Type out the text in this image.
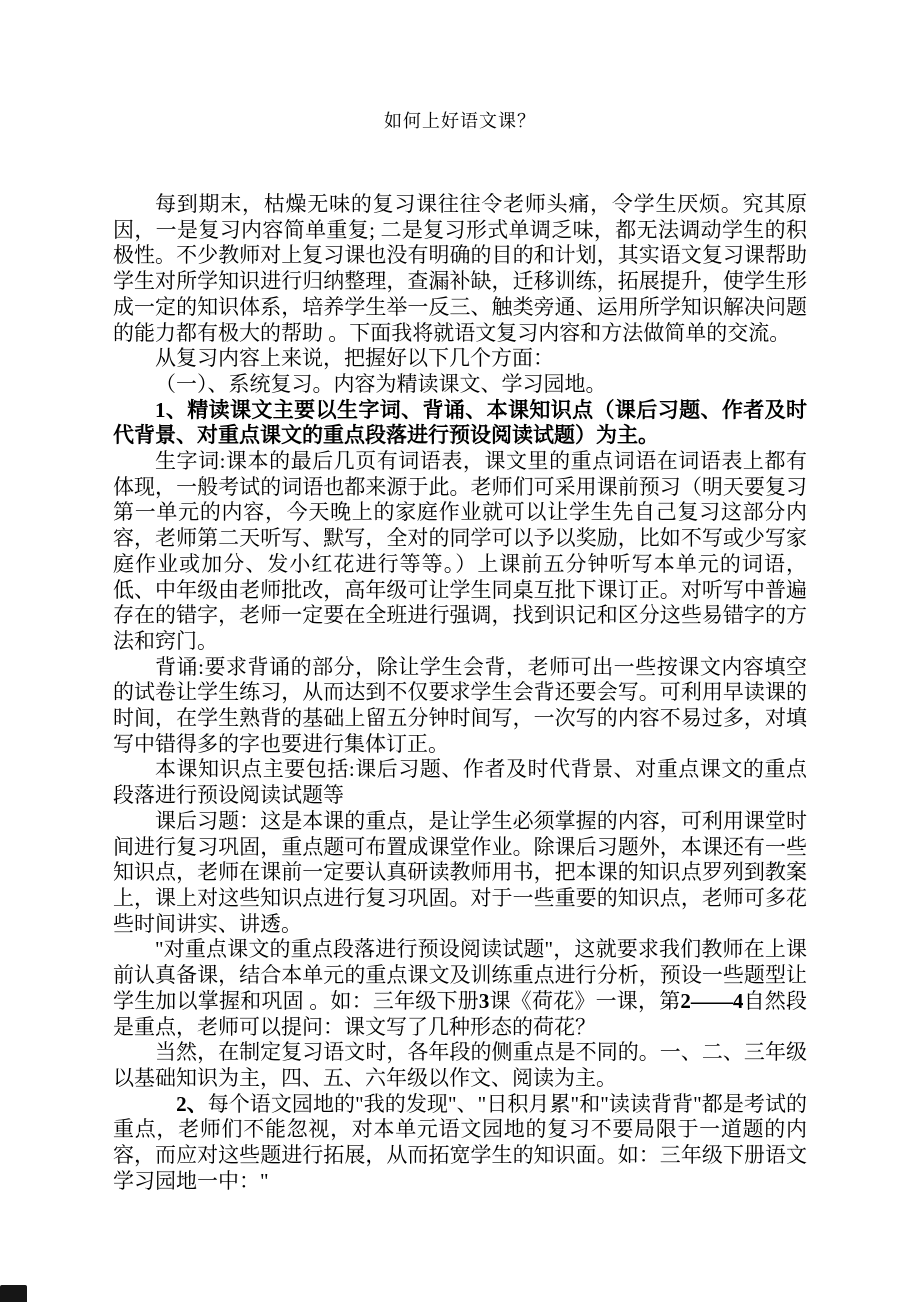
如何上好语文课？

每到期末，枯燥无味的复习课往往令老师头痛，令学生厌烦。究其原因，一是复习内容简单重复; 二是复习形式单调乏味，都无法调动学生的积极性。不少教师对上复习课也没有明确的目的和计划，其实语文复习课帮助学生对所学知识进行归纳整理，查漏补缺，迁移训练，拓展提升，使学生形成一定的知识体系，培养学生举一反三、触类旁通、运用所学知识解决问题的能力都有极大的帮助 。下面我将就语文复习内容和方法做简单的交流。

从复习内容上来说，把握好以下几个方面：

（一）、系统复习。内容为精读课文、学习园地。

1、精读课文主要以生字词、背诵、本课知识点（课后习题、作者及时代背景、对重点课文的重点段落进行预设阅读试题）为主。

生字词:课本的最后几页有词语表，课文里的重点词语在词语表上都有体现，一般考试的词语也都来源于此。老师们可采用课前预习（明天要复习第一单元的内容，今天晚上的家庭作业就可以让学生先自己复习这部分内容，老师第二天听写、默写，全对的同学可以予以奖励，比如不写或少写家庭作业或加分、发小红花进行等等。）上课前五分钟听写本单元的词语，低、中年级由老师批改，高年级可让学生同桌互批下课订正。对听写中普遍存在的错字，老师一定要在全班进行强调，找到识记和区分这些易错字的方法和窍门。

背诵:要求背诵的部分，除让学生会背，老师可出一些按课文内容填空的试卷让学生练习，从而达到不仅要求学生会背还要会写。可利用早读课的时间，在学生熟背的基础上留五分钟时间写，一次写的内容不易过多，对填写中错得多的字也要进行集体订正。

本课知识点主要包括:课后习题、作者及时代背景、对重点课文的重点段落进行预设阅读试题等

课后习题：这是本课的重点，是让学生必须掌握的内容，可利用课堂时间进行复习巩固，重点题可布置成课堂作业。除课后习题外，本课还有一些知识点，老师在课前一定要认真研读教师用书，把本课的知识点罗列到教案上，课上对这些知识点进行复习巩固。对于一些重要的知识点，老师可多花些时间讲实、讲透。

"对重点课文的重点段落进行预设阅读试题"，这就要求我们教师在上课前认真备课，结合本单元的重点课文及训练重点进行分析，预设一些题型让学生加以掌握和巩固 。如：三年级下册3课《荷花》一课，第2——4自然段是重点，老师可以提问：课文写了几种形态的荷花？

当然，在制定复习语文时，各年段的侧重点是不同的。一、二、三年级以基础知识为主，四、五、六年级以作文、阅读为主。

　2、每个语文园地的"我的发现"、"日积月累"和"读读背背"都是考试的重点，老师们不能忽视，对本单元语文园地的复习不要局限于一道题的内容，而应对这些题进行拓展，从而拓宽学生的知识面。如：三年级下册语文学习园地一中："
